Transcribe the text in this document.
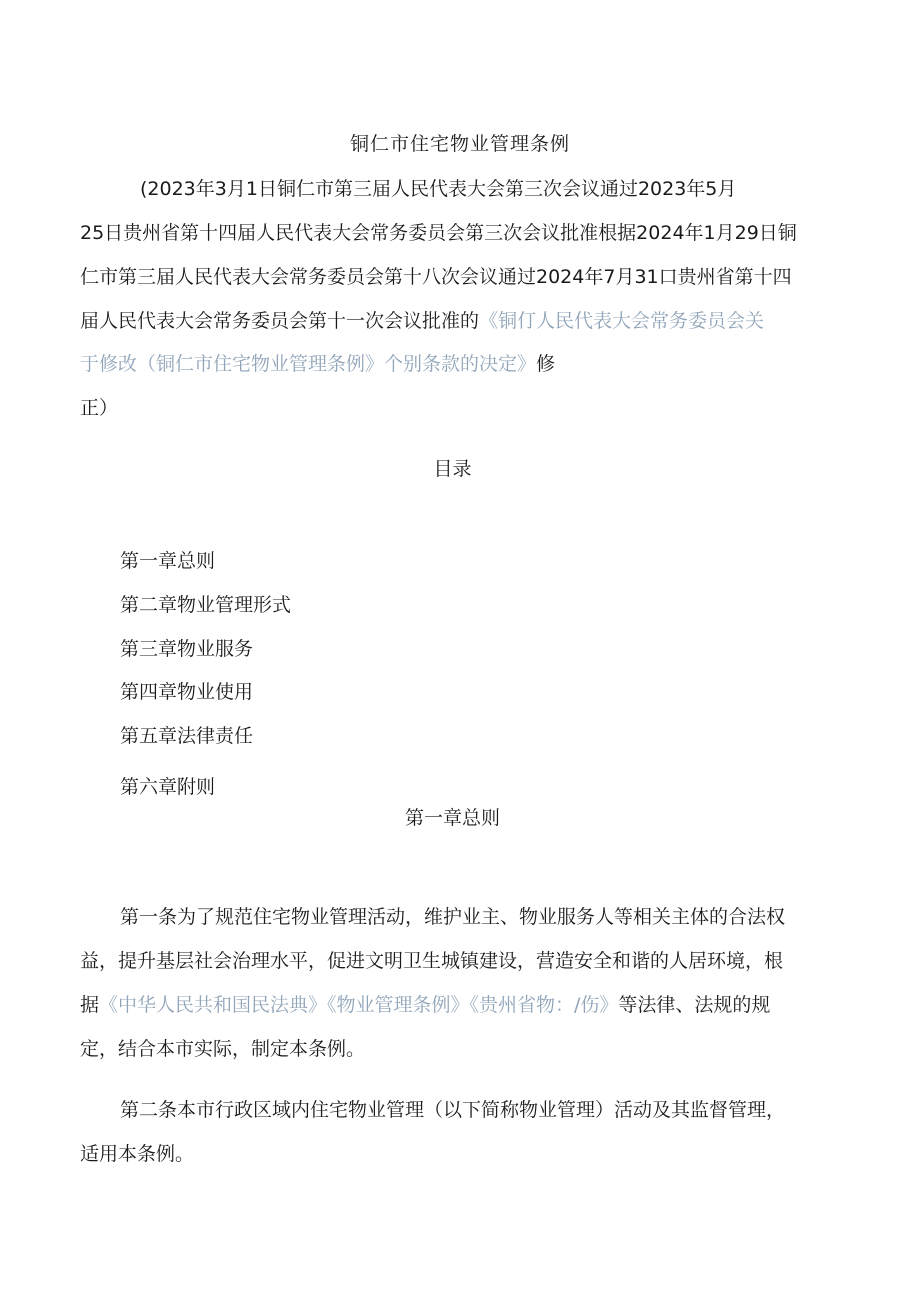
铜仁市住宅物业管理条例
(2023年3月1日铜仁市第三届人民代表大会第三次会议通过2023年5月
25日贵州省第十四届人民代表大会常务委员会第三次会议批准根据2024年1月29日铜
仁市第三届人民代表大会常务委员会第十八次会议通过2024年7月31口贵州省第十四
届人民代表大会常务委员会第十一次会议批准的《铜仃人民代表大会常务委员会关
于修改（铜仁市住宅物业管理条例》个别条款的决定》修
正）
目录
第一章总则
第二章物业管理形式
第三章物业服务
第四章物业使用
第五章法律责任
第六章附则
第一章总则
第一条为了规范住宅物业管理活动，维护业主、物业服务人等相关主体的合法权
益，提升基层社会治理水平，促进文明卫生城镇建设，营造安全和谐的人居环境，根
据《中华人民共和国民法典》《物业管理条例》《贵州省物：/伤》等法律、法规的规
定，结合本市实际，制定本条例。
第二条本市行政区域内住宅物业管理（以下简称物业管理）活动及其监督管理，
适用本条例。
